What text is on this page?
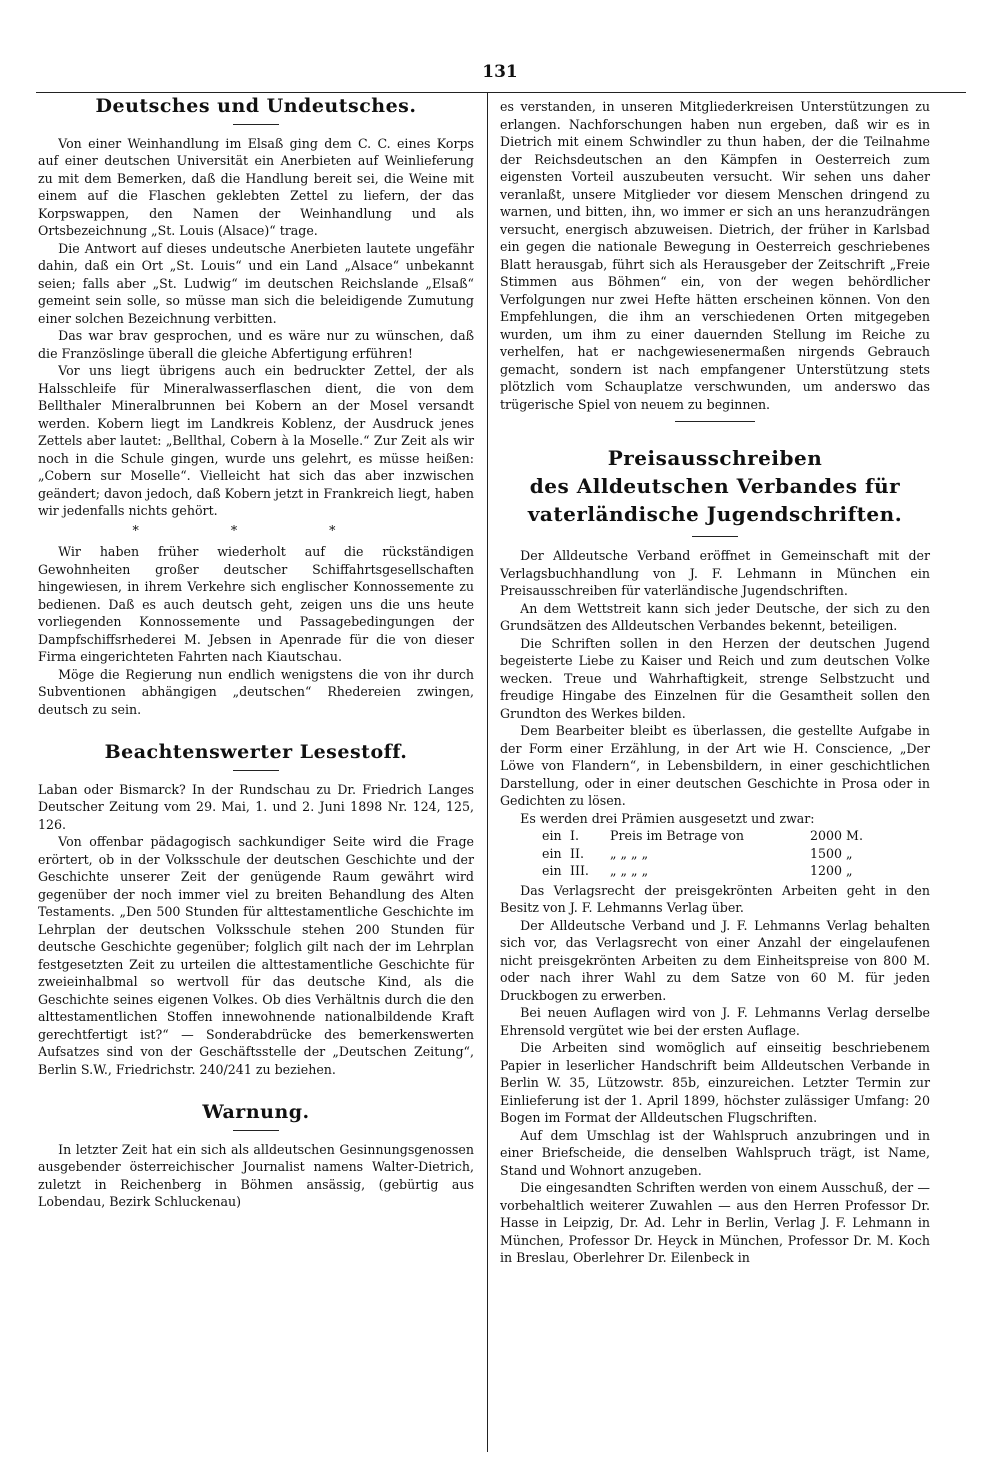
131
Deutsches und Undeutsches.

Von einer Weinhandlung im Elsaß ging dem C. C. eines Korps auf einer deutschen Universität ein Anerbieten auf Weinlieferung zu mit dem Bemerken, daß die Handlung bereit sei, die Weine mit einem auf die Flaschen geklebten Zettel zu liefern, der das Korpswappen, den Namen der Weinhandlung und als Ortsbezeichnung „St. Louis (Alsace)“ trage.

Die Antwort auf dieses undeutsche Anerbieten lautete ungefähr dahin, daß ein Ort „St. Louis“ und ein Land „Alsace“ unbekannt seien; falls aber „St. Ludwig“ im deutschen Reichslande „Elsaß“ gemeint sein solle, so müsse man sich die beleidigende Zumutung einer solchen Bezeichnung verbitten.

Das war brav gesprochen, und es wäre nur zu wünschen, daß die Französlinge überall die gleiche Abfertigung erführen!

Vor uns liegt übrigens auch ein bedruckter Zettel, der als Halsschleife für Mineralwasserflaschen dient, die von dem Bellthaler Mineralbrunnen bei Kobern an der Mosel versandt werden. Kobern liegt im Landkreis Koblenz, der Ausdruck jenes Zettels aber lautet: „Bellthal, Cobern à la Moselle.“ Zur Zeit als wir noch in die Schule gingen, wurde uns gelehrt, es müsse heißen: „Cobern sur Moselle“. Vielleicht hat sich das aber inzwischen geändert; davon jedoch, daß Kobern jetzt in Frankreich liegt, haben wir jedenfalls nichts gehört.

* * *

Wir haben früher wiederholt auf die rückständigen Gewohnheiten großer deutscher Schiffahrtsgesellschaften hingewiesen, in ihrem Verkehre sich englischer Konnossemente zu bedienen. Daß es auch deutsch geht, zeigen uns die uns heute vorliegenden Konnossemente und Passagebedingungen der Dampfschiffsrhederei M. Jebsen in Apenrade für die von dieser Firma eingerichteten Fahrten nach Kiautschau.

Möge die Regierung nun endlich wenigstens die von ihr durch Subventionen abhängigen „deutschen“ Rhedereien zwingen, deutsch zu sein.

Beachtenswerter Lesestoff.

Laban oder Bismarck? In der Rundschau zu Dr. Friedrich Langes Deutscher Zeitung vom 29. Mai, 1. und 2. Juni 1898 Nr. 124, 125, 126.

Von offenbar pädagogisch sachkundiger Seite wird die Frage erörtert, ob in der Volksschule der deutschen Geschichte und der Geschichte unserer Zeit der genügende Raum gewährt wird gegenüber der noch immer viel zu breiten Behandlung des Alten Testaments. „Den 500 Stunden für alttestamentliche Geschichte im Lehrplan der deutschen Volksschule stehen 200 Stunden für deutsche Geschichte gegenüber; folglich gilt nach der im Lehrplan festgesetzten Zeit zu urteilen die alttestamentliche Geschichte für zweieinhalbmal so wertvoll für das deutsche Kind, als die Geschichte seines eigenen Volkes. Ob dies Verhältnis durch die den alttestamentlichen Stoffen innewohnende nationalbildende Kraft gerechtfertigt ist?“ — Sonderabdrücke des bemerkenswerten Aufsatzes sind von der Geschäftsstelle der „Deutschen Zeitung“, Berlin S.W., Friedrichstr. 240/241 zu beziehen.

Warnung.

In letzter Zeit hat ein sich als alldeutschen Gesinnungsgenossen ausgebender österreichischer Journalist namens Walter-Dietrich, zuletzt in Reichenberg in Böhmen ansässig, (gebürtig aus Lobendau, Bezirk Schluckenau)

es verstanden, in unseren Mitgliederkreisen Unterstützungen zu erlangen. Nachforschungen haben nun ergeben, daß wir es in Dietrich mit einem Schwindler zu thun haben, der die Teilnahme der Reichsdeutschen an den Kämpfen in Oesterreich zum eigensten Vorteil auszubeuten versucht. Wir sehen uns daher veranlaßt, unsere Mitglieder vor diesem Menschen dringend zu warnen, und bitten, ihn, wo immer er sich an uns heranzudrängen versucht, energisch abzuweisen. Dietrich, der früher in Karlsbad ein gegen die nationale Bewegung in Oesterreich geschriebenes Blatt herausgab, führt sich als Herausgeber der Zeitschrift „Freie Stimmen aus Böhmen“ ein, von der wegen behördlicher Verfolgungen nur zwei Hefte hätten erscheinen können. Von den Empfehlungen, die ihm an verschiedenen Orten mitgegeben wurden, um ihm zu einer dauernden Stellung im Reiche zu verhelfen, hat er nachgewiesenermaßen nirgends Gebrauch gemacht, sondern ist nach empfangener Unterstützung stets plötzlich vom Schauplatze verschwunden, um anderswo das trügerische Spiel von neuem zu beginnen.

Preisausschreiben
des Alldeutschen Verbandes für
vaterländische Jugendschriften.

Der Alldeutsche Verband eröffnet in Gemeinschaft mit der Verlagsbuchhandlung von J. F. Lehmann in München ein Preisausschreiben für vaterländische Jugendschriften.

An dem Wettstreit kann sich jeder Deutsche, der sich zu den Grundsätzen des Alldeutschen Verbandes bekennt, beteiligen.

Die Schriften sollen in den Herzen der deutschen Jugend begeisterte Liebe zu Kaiser und Reich und zum deutschen Volke wecken. Treue und Wahrhaftigkeit, strenge Selbstzucht und freudige Hingabe des Einzelnen für die Gesamtheit sollen den Grundton des Werkes bilden.

Dem Bearbeiter bleibt es überlassen, die gestellte Aufgabe in der Form einer Erzählung, in der Art wie H. Conscience, „Der Löwe von Flandern“, in Lebensbildern, in einer geschichtlichen Darstellung, oder in einer deutschen Geschichte in Prosa oder in Gedichten zu lösen.

Es werden drei Prämien ausgesetzt und zwar:

ein I.	Preis im Betrage von	2000 M.
ein II.	„ „ „ „	1500 „
ein III.	„ „ „ „	1200 „

Das Verlagsrecht der preisgekrönten Arbeiten geht in den Besitz von J. F. Lehmanns Verlag über.

Der Alldeutsche Verband und J. F. Lehmanns Verlag behalten sich vor, das Verlagsrecht von einer Anzahl der eingelaufenen nicht preisgekrönten Arbeiten zu dem Einheitspreise von 800 M. oder nach ihrer Wahl zu dem Satze von 60 M. für jeden Druckbogen zu erwerben.

Bei neuen Auflagen wird von J. F. Lehmanns Verlag derselbe Ehrensold vergütet wie bei der ersten Auflage.

Die Arbeiten sind womöglich auf einseitig beschriebenem Papier in leserlicher Handschrift beim Alldeutschen Verbande in Berlin W. 35, Lützowstr. 85b, einzureichen. Letzter Termin zur Einlieferung ist der 1. April 1899, höchster zulässiger Umfang: 20 Bogen im Format der Alldeutschen Flugschriften.

Auf dem Umschlag ist der Wahlspruch anzubringen und in einer Briefscheide, die denselben Wahlspruch trägt, ist Name, Stand und Wohnort anzugeben.

Die eingesandten Schriften werden von einem Ausschuß, der — vorbehaltlich weiterer Zuwahlen — aus den Herren Professor Dr. Hasse in Leipzig, Dr. Ad. Lehr in Berlin, Verlag J. F. Lehmann in München, Professor Dr. Heyck in München, Professor Dr. M. Koch in Breslau, Oberlehrer Dr. Eilenbeck in
